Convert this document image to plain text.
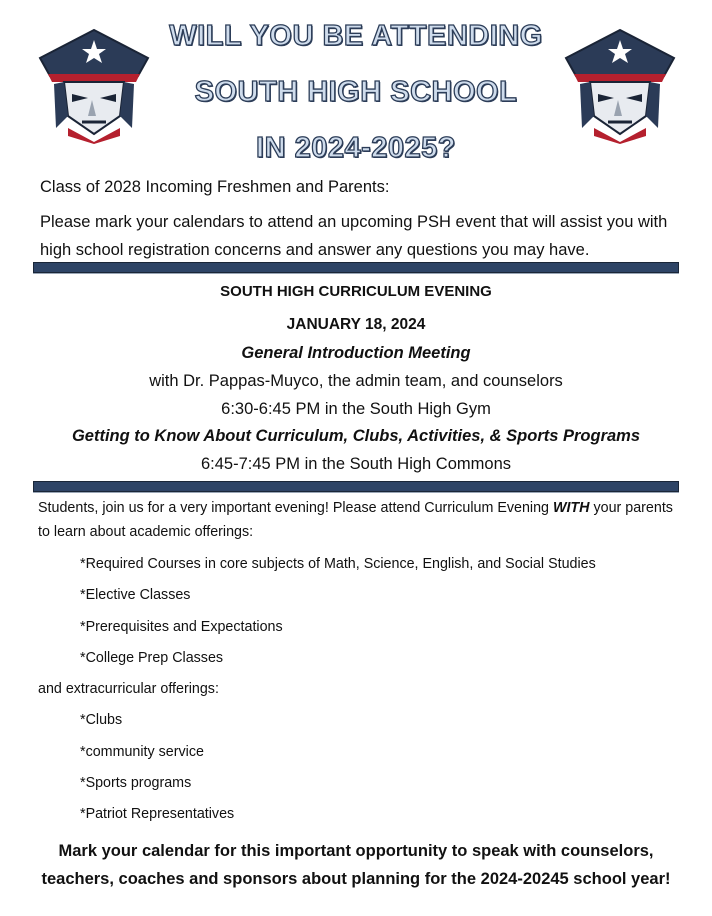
WILL YOU BE ATTENDING
SOUTH HIGH SCHOOL
IN 2024-2025?
Class of 2028 Incoming Freshmen and Parents:
Please mark your calendars to attend an upcoming PSH event that will assist you with high school registration concerns and answer any questions you may have.
SOUTH HIGH CURRICULUM EVENING
JANUARY 18, 2024
General Introduction Meeting
with Dr. Pappas-Muyco, the admin team, and counselors
6:30-6:45 PM in the South High Gym
Getting to Know About Curriculum, Clubs, Activities, & Sports Programs
6:45-7:45 PM in the South High Commons
Students, join us for a very important evening! Please attend Curriculum Evening WITH your parents to learn about academic offerings:
*Required Courses in core subjects of Math, Science, English, and Social Studies
*Elective Classes
*Prerequisites and Expectations
*College Prep Classes
and extracurricular offerings:
*Clubs
*community service
*Sports programs
*Patriot Representatives
Mark your calendar for this important opportunity to speak with counselors,
teachers, coaches and sponsors about planning for the 2024-20245 school year!
